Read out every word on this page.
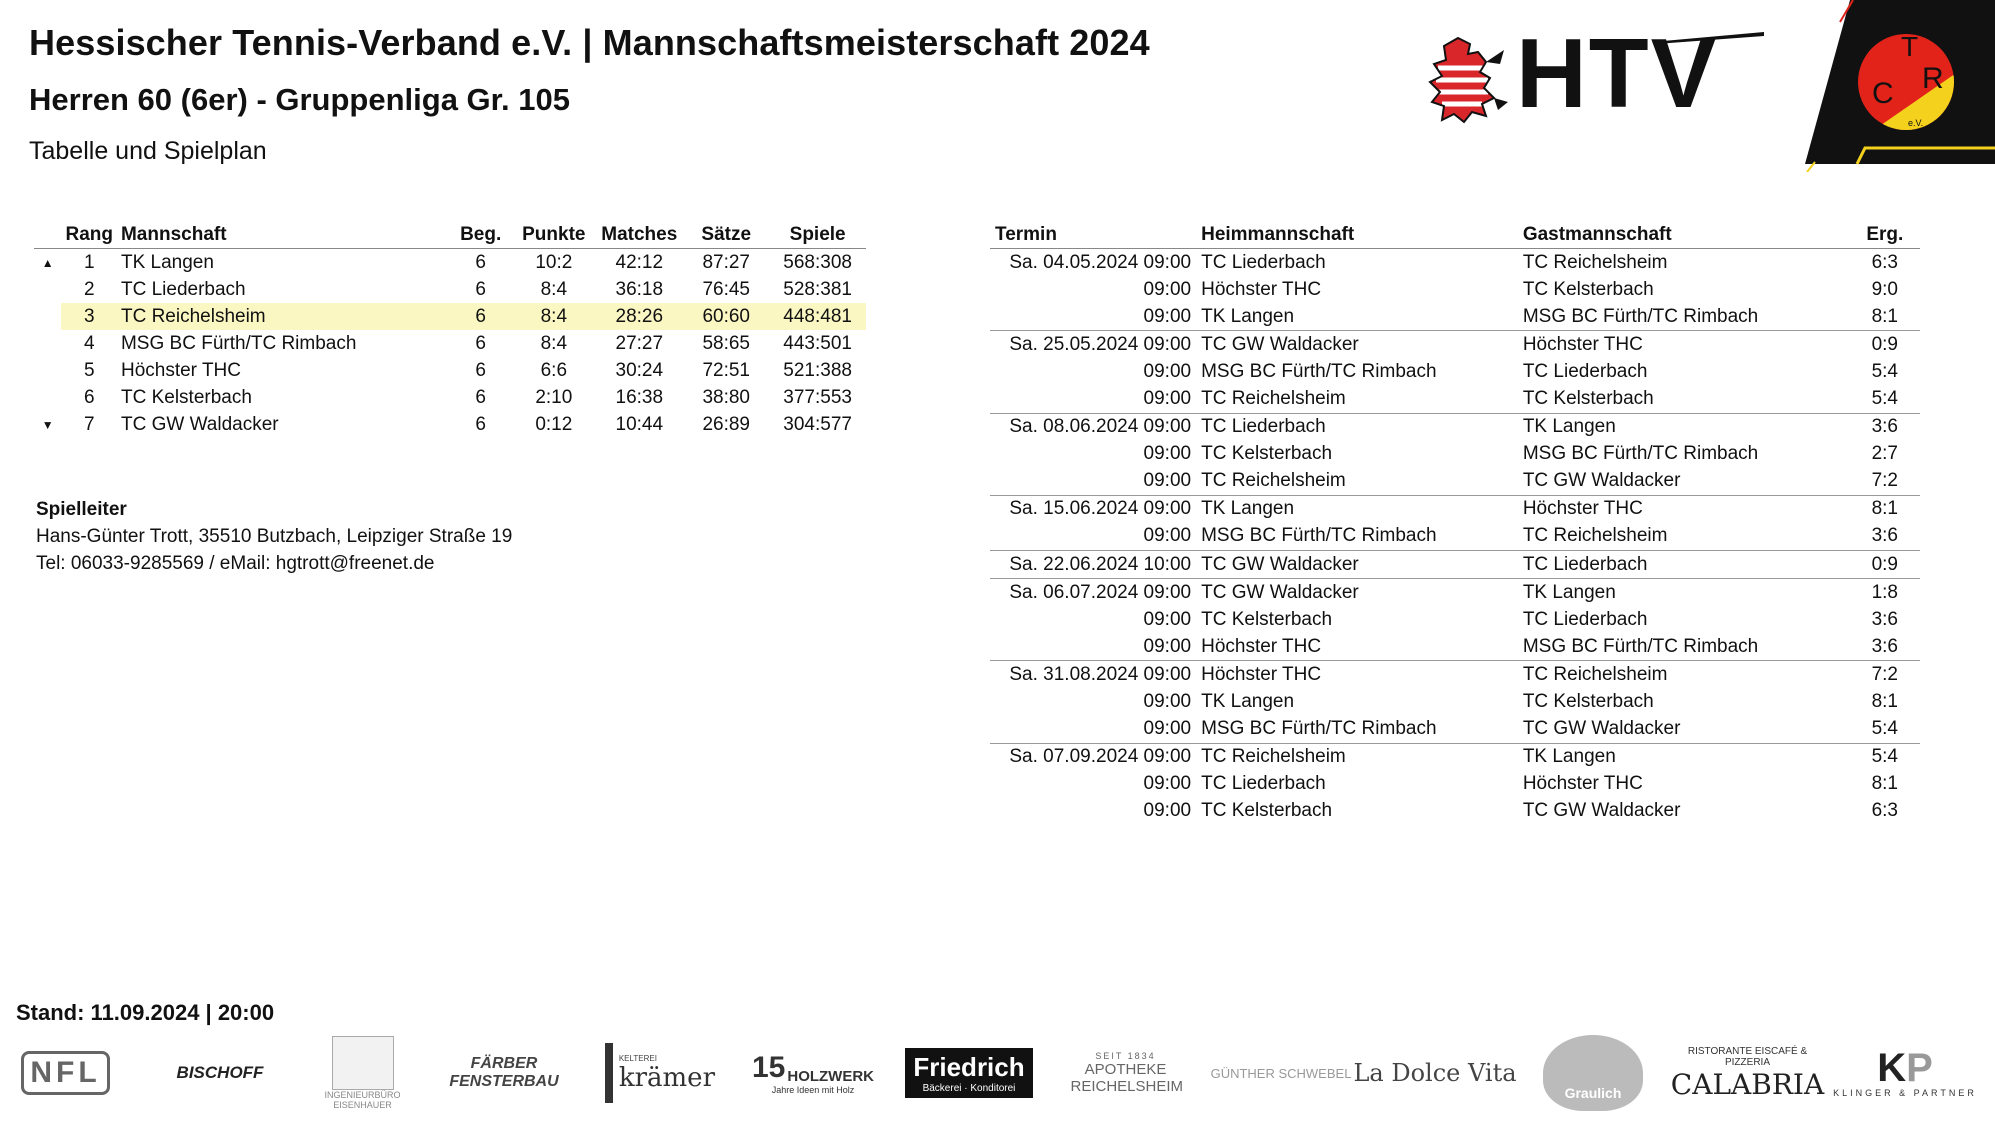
Hessischer Tennis-Verband e.V. | Mannschaftsmeisterschaft 2024
Herren 60 (6er) - Gruppenliga Gr. 105
Tabelle und Spielplan
HTV	T
C R
e.V.
	Rang	Mannschaft	Beg.	Punkte	Matches	Sätze	Spiele
▲	1	TK Langen	6	10:2	42:12	87:27	568:308
	2	TC Liederbach	6	8:4	36:18	76:45	528:381
	3	TC Reichelsheim	6	8:4	28:26	60:60	448:481
	4	MSG BC Fürth/TC Rimbach	6	8:4	27:27	58:65	443:501
	5	Höchster THC	6	6:6	30:24	72:51	521:388
	6	TC Kelsterbach	6	2:10	16:38	38:80	377:553
▼	7	TC GW Waldacker	6	0:12	10:44	26:89	304:577
Spielleiter
Hans-Günter Trott, 35510 Butzbach, Leipziger Straße 19
Tel: 06033-9285569 / eMail: hgtrott@freenet.de
Termin	Heimmannschaft	Gastmannschaft	Erg.
Sa. 04.05.2024 09:00	TC Liederbach	TC Reichelsheim	6:3
09:00	Höchster THC	TC Kelsterbach	9:0
09:00	TK Langen	MSG BC Fürth/TC Rimbach	8:1
Sa. 25.05.2024 09:00	TC GW Waldacker	Höchster THC	0:9
09:00	MSG BC Fürth/TC Rimbach	TC Liederbach	5:4
09:00	TC Reichelsheim	TC Kelsterbach	5:4
Sa. 08.06.2024 09:00	TC Liederbach	TK Langen	3:6
09:00	TC Kelsterbach	MSG BC Fürth/TC Rimbach	2:7
09:00	TC Reichelsheim	TC GW Waldacker	7:2
Sa. 15.06.2024 09:00	TK Langen	Höchster THC	8:1
09:00	MSG BC Fürth/TC Rimbach	TC Reichelsheim	3:6
Sa. 22.06.2024 10:00	TC GW Waldacker	TC Liederbach	0:9
Sa. 06.07.2024 09:00	TC GW Waldacker	TK Langen	1:8
09:00	TC Kelsterbach	TC Liederbach	3:6
09:00	Höchster THC	MSG BC Fürth/TC Rimbach	3:6
Sa. 31.08.2024 09:00	Höchster THC	TC Reichelsheim	7:2
09:00	TK Langen	TC Kelsterbach	8:1
09:00	MSG BC Fürth/TC Rimbach	TC GW Waldacker	5:4
Sa. 07.09.2024 09:00	TC Reichelsheim	TK Langen	5:4
09:00	TC Liederbach	Höchster THC	8:1
09:00	TC Kelsterbach	TC GW Waldacker	6:3
Stand: 11.09.2024 | 20:00
NFL	BISCHOFF
INGENIEURBÜRO EISENHAUER
FÄRBER FENSTERBAU
KELTEREI
krämer 15 HOLZWERK
Jahre Ideen mit Holz
Friedrich
Bäckerei · Konditorei
SEIT 1834
APOTHEKE REICHELSHEIM
GÜNTHER SCHWEBEL La Dolce Vita
Graulich
RISTORANTE EISCAFÉ & PIZZERIA
CALABRIA KP
KLINGER & PARTNER
